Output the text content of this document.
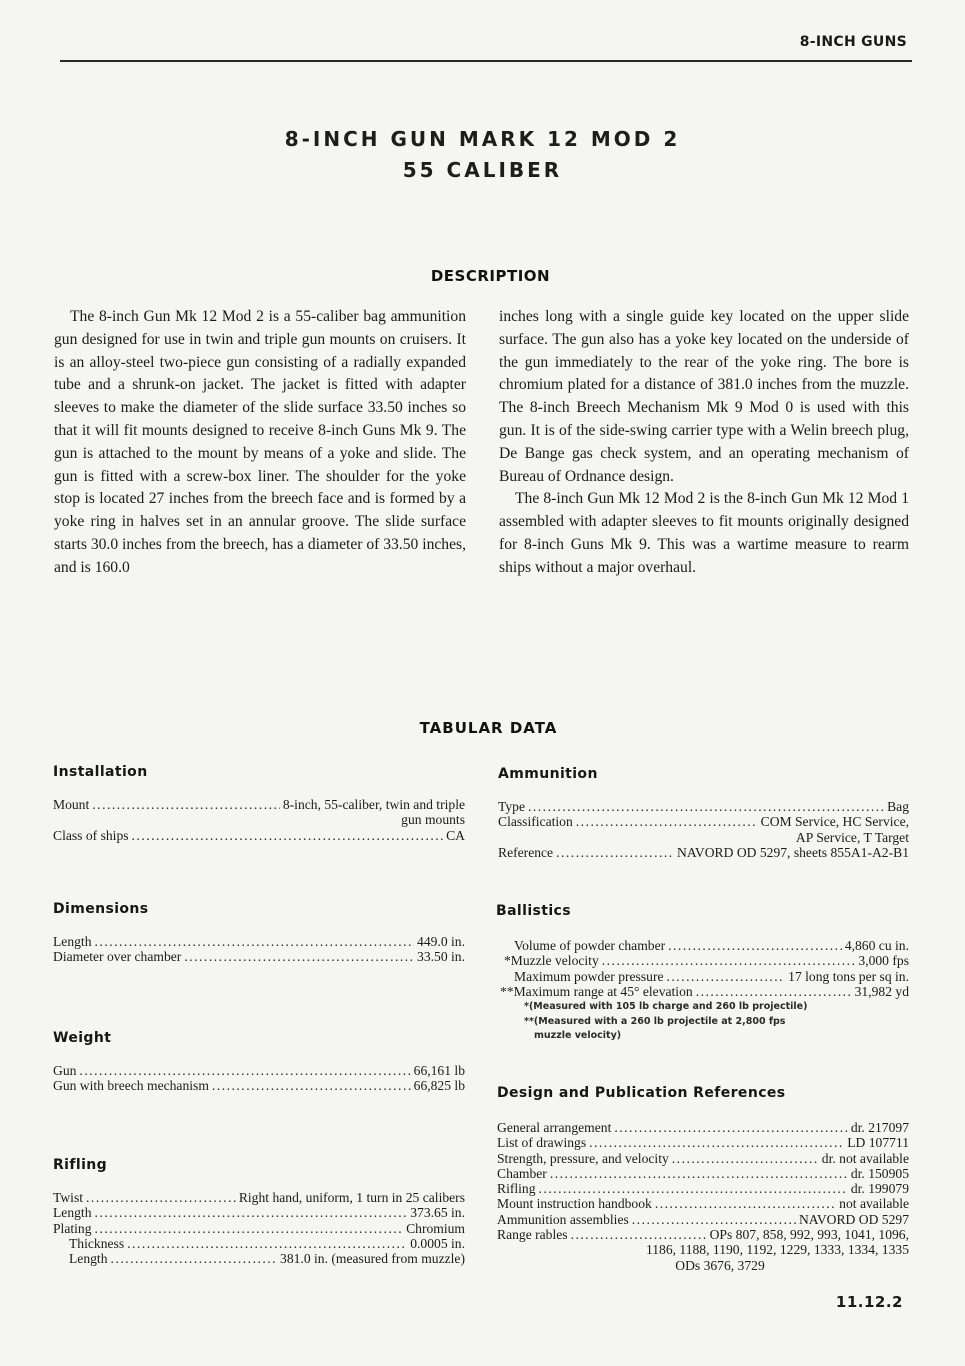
8-INCH GUNS
8-INCH GUN MARK 12 MOD 2
55 CALIBER
DESCRIPTION

The 8-inch Gun Mk 12 Mod 2 is a 55-caliber bag ammunition gun designed for use in twin and triple gun mounts on cruisers. It is an alloy-steel two-piece gun consisting of a radially expanded tube and a shrunk-on jacket. The jacket is fitted with adapter sleeves to make the diameter of the slide surface 33.50 inches so that it will fit mounts designed to receive 8-inch Guns Mk 9. The gun is attached to the mount by means of a yoke and slide. The gun is fitted with a screw-box liner. The shoulder for the yoke stop is located 27 inches from the breech face and is formed by a yoke ring in halves set in an annular groove. The slide surface starts 30.0 inches from the breech, has a diameter of 33.50 inches, and is 160.0

inches long with a single guide key located on the upper slide surface. The gun also has a yoke key located on the underside of the gun immediately to the rear of the yoke ring. The bore is chromium plated for a distance of 381.0 inches from the muzzle. The 8-inch Breech Mechanism Mk 9 Mod 0 is used with this gun. It is of the side-swing carrier type with a Welin breech plug, De Bange gas check system, and an operating mechanism of Bureau of Ordnance design.

The 8-inch Gun Mk 12 Mod 2 is the 8-inch Gun Mk 12 Mod 1 assembled with adapter sleeves to fit mounts originally designed for 8-inch Guns Mk 9. This was a wartime measure to rearm ships without a major overhaul.

TABULAR DATA
Installation
Mount .....	8-inch, 55-caliber, twin and triple
gun mounts
Class of ships .....	CA
Dimensions
Length .....	449.0 in.
Diameter over chamber .....	33.50 in.
Weight
Gun .....	66,161 lb
Gun with breech mechanism .....	66,825 lb
Rifling
Twist .....	Right hand, uniform, 1 turn in 25 calibers
Length .....	373.65 in.
Plating .....	Chromium
Thickness .....	0.0005 in.
Length .....	381.0 in. (measured from muzzle)
Ammunition
Type .....	Bag
Classification .....	COM Service, HC Service,
AP Service, T Target
Reference .....	NAVORD OD 5297, sheets 855A1-A2-B1
Ballistics
Volume of powder chamber .....	4,860 cu in.
*Muzzle velocity .....	3,000 fps
Maximum powder pressure .....	17 long tons per sq in.
**Maximum range at 45° elevation .....	31,982 yd
*(Measured with 105 lb charge and 260 lb projectile)
**(Measured with a 260 lb projectile at 2,800 fps
muzzle velocity)
Design and Publication References
General arrangement .....	dr. 217097
List of drawings .....	LD 107711
Strength, pressure, and velocity .....	dr. not available
Chamber .....	dr. 150905
Rifling .....	dr. 199079
Mount instruction handbook .....	not available
Ammunition assemblies .....	NAVORD OD 5297
Range rables .....	OPs 807, 858, 992, 993, 1041, 1096,
1186, 1188, 1190, 1192, 1229, 1333, 1334, 1335
ODs 3676, 3729
11.12.2
